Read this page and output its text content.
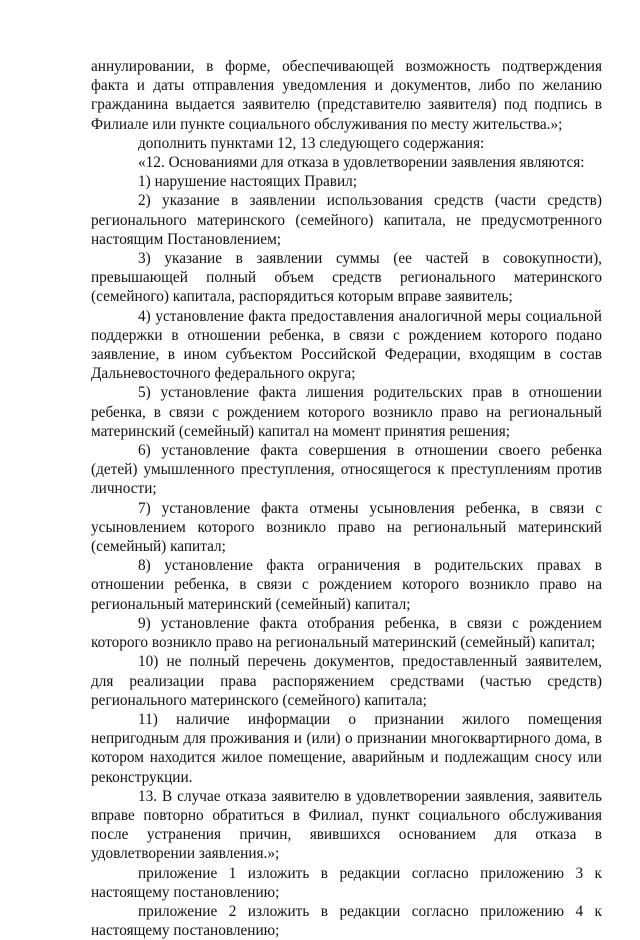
аннулировании, в форме, обеспечивающей возможность подтверждения факта и даты отправления уведомления и документов, либо по желанию гражданина выдается заявителю (представителю заявителя) под подпись в Филиале или пункте социального обслуживания по месту жительства.»;

дополнить пунктами 12, 13 следующего содержания:

«12. Основаниями для отказа в удовлетворении заявления являются:

1) нарушение настоящих Правил;

2) указание в заявлении использования средств (части средств) регионального материнского (семейного) капитала, не предусмотренного настоящим Постановлением;

3) указание в заявлении суммы (ее частей в совокупности), превышающей полный объем средств регионального материнского (семейного) капитала, распорядиться которым вправе заявитель;

4) установление факта предоставления аналогичной меры социальной поддержки в отношении ребенка, в связи с рождением которого подано заявление, в ином субъектом Российской Федерации, входящим в состав Дальневосточного федерального округа;

5) установление факта лишения родительских прав в отношении ребенка, в связи с рождением которого возникло право на региональный материнский (семейный) капитал на момент принятия решения;

6) установление факта совершения в отношении своего ребенка (детей) умышленного преступления, относящегося к преступлениям против личности;

7) установление факта отмены усыновления ребенка, в связи с усыновлением которого возникло право на региональный материнский (семейный) капитал;

8) установление факта ограничения в родительских правах в отношении ребенка, в связи с рождением которого возникло право на региональный материнский (семейный) капитал;

9) установление факта отобрания ребенка, в связи с рождением которого возникло право на региональный материнский (семейный) капитал;

10) не полный перечень документов, предоставленный заявителем, для реализации права распоряжением средствами (частью средств) регионального материнского (семейного) капитала;

11) наличие информации о признании жилого помещения непригодным для проживания и (или) о признании многоквартирного дома, в котором находится жилое помещение, аварийным и подлежащим сносу или реконструкции.

13. В случае отказа заявителю в удовлетворении заявления, заявитель вправе повторно обратиться в Филиал, пункт социального обслуживания после устранения причин, явившихся основанием для отказа в удовлетворении заявления.»;

приложение 1 изложить в редакции согласно приложению 3 к настоящему постановлению;

приложение 2 изложить в редакции согласно приложению 4 к настоящему постановлению;
